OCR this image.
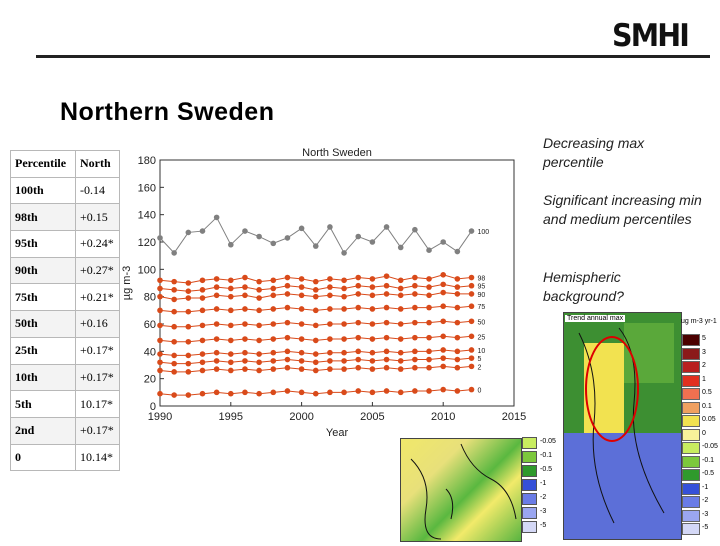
SMHI
Northern Sweden
Percentile	North
100th	-0.14
98th	+0.15
95th	+0.24*
90th	+0.27*
75th	+0.21*
50th	+0.16
25th	+0.17*
10th	+0.17*
5th	10.17*
2nd	+0.17*
0	10.14*
0
20
40
60
80
100
120
140
160
180
1990	1995	2000	2005	2010	2015
North Sweden
Year
µg m-3
100
98
95
90
75
50
25
10
5
2
0
Decreasing max percentile
Significant increasing min and medium percentiles
Hemispheric background?
-0.05
-0.1
-0.5
-1
-2
-3
-5
Trend annual max	ug m-3 yr-1
5
3
2
1
0.5
0.1
0.05
0
-0.05
-0.1
-0.5
-1
-2
-3
-5
